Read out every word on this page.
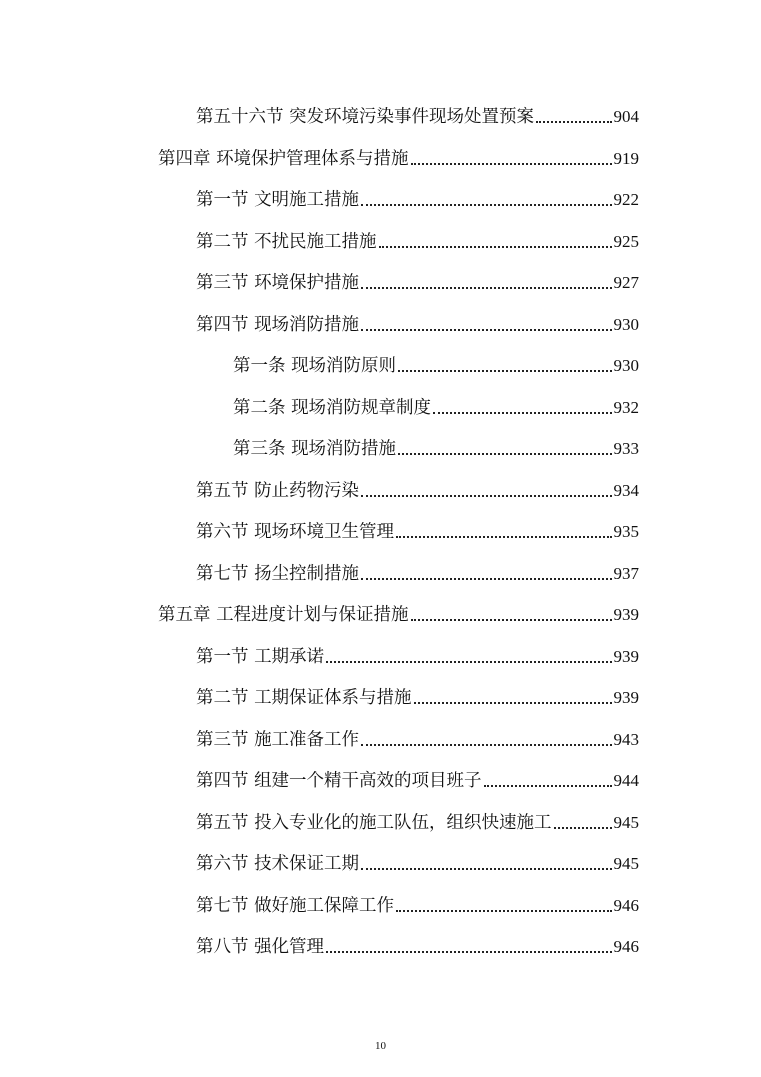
第五十六节 突发环境污染事件现场处置预案	904
第四章 环境保护管理体系与措施	919
第一节 文明施工措施	922
第二节 不扰民施工措施	925
第三节 环境保护措施	927
第四节 现场消防措施	930
第一条 现场消防原则	930
第二条 现场消防规章制度	932
第三条 现场消防措施	933
第五节 防止药物污染	934
第六节 现场环境卫生管理	935
第七节 扬尘控制措施	937
第五章 工程进度计划与保证措施	939
第一节 工期承诺	939
第二节 工期保证体系与措施	939
第三节 施工准备工作	943
第四节 组建一个精干高效的项目班子	944
第五节 投入专业化的施工队伍，组织快速施工	945
第六节 技术保证工期	945
第七节 做好施工保障工作	946
第八节 强化管理	946
10
